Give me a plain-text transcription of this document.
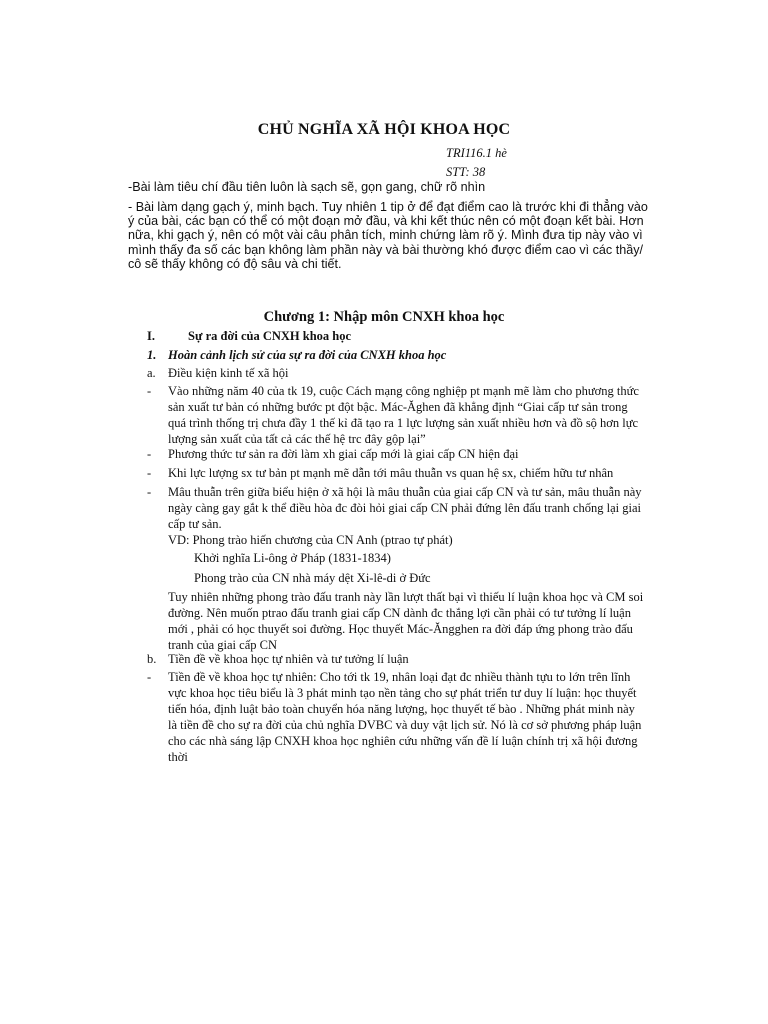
CHỦ NGHĨA XÃ HỘI KHOA HỌC
TRI116.1 hè
STT: 38
-Bài làm tiêu chí đầu tiên luôn là sạch sẽ, gọn gang, chữ rõ nhìn
- Bài làm dạng gạch ý, minh bạch. Tuy nhiên 1 tip ở để đạt điểm cao là trước khi đi thẳng vào ý của bài, các bạn có thể có một đoạn mở đầu, và khi kết thúc nên có một đoạn kết bài. Hơn nữa, khi gạch ý, nên có một vài câu phân tích, minh chứng làm rõ ý. Mình đưa tip này vào vì mình thấy đa số các bạn không làm phần này và bài thường khó được điểm cao vì các thầy/ cô sẽ thấy không có độ sâu và chi tiết.
Chương 1: Nhập môn CNXH khoa học
I.	Sự ra đời của CNXH khoa học
1. Hoàn cảnh lịch sử của sự ra đời của CNXH khoa học
a. Điều kiện kinh tế xã hội
- Vào những năm 40 của tk 19, cuộc Cách mạng công nghiệp pt mạnh mẽ làm cho phương thức sản xuất tư bản có những bước pt đột bậc. Mác-Ăghen đã khẳng định “Giai cấp tư sản trong quá trình thống trị chưa đầy 1 thế kỉ đã tạo ra 1 lực lượng sản xuất nhiều hơn và đồ sộ hơn lực lượng sản xuất của tất cả các thế hệ trc đây gộp lại”
- Phương thức tư sản ra đời làm xh giai cấp mới là giai cấp CN hiện đại
- Khi lực lượng sx tư bản pt mạnh mẽ dẫn tới mâu thuẫn vs quan hệ sx, chiếm hữu tư nhân
- Mâu thuẫn trên giữa biểu hiện ở xã hội là mâu thuẫn của giai cấp CN và tư sản, mâu thuẫn này ngày càng gay gắt k thể điều hòa đc đòi hỏi giai cấp CN phải đứng lên đấu tranh chống lại giai cấp tư sản.
VD: Phong trào hiến chương của CN Anh (ptrao tự phát)
Khởi nghĩa Li-ông ở Pháp (1831-1834)
Phong trào của CN nhà máy dệt Xi-lê-di ở Đức
Tuy nhiên những phong trào đấu tranh này lần lượt thất bại vì thiếu lí luận khoa học và CM soi đường. Nên muốn ptrao đấu tranh giai cấp CN dành đc thắng lợi cần phải có tư tưởng lí luận mới , phải có học thuyết soi đường. Học thuyết Mác-Ăngghen ra đời đáp ứng phong trào đấu tranh của giai cấp CN
b. Tiền đề về khoa học tự nhiên và tư tưởng lí luận
- Tiền đề về khoa học tự nhiên: Cho tới tk 19, nhân loại đạt đc nhiều thành tựu to lớn trên lĩnh vực khoa học tiêu biểu là 3 phát minh tạo nền tảng cho sự phát triển tư duy lí luận: học thuyết tiến hóa, định luật bảo toàn chuyển hóa năng lượng, học thuyết tế bào . Những phát minh này là tiền đề cho sự ra đời của chủ nghĩa DVBC và duy vật lịch sử. Nó là cơ sở phương pháp luận cho các nhà sáng lập CNXH khoa học nghiên cứu những vấn đề lí luận chính trị xã hội đương thời
